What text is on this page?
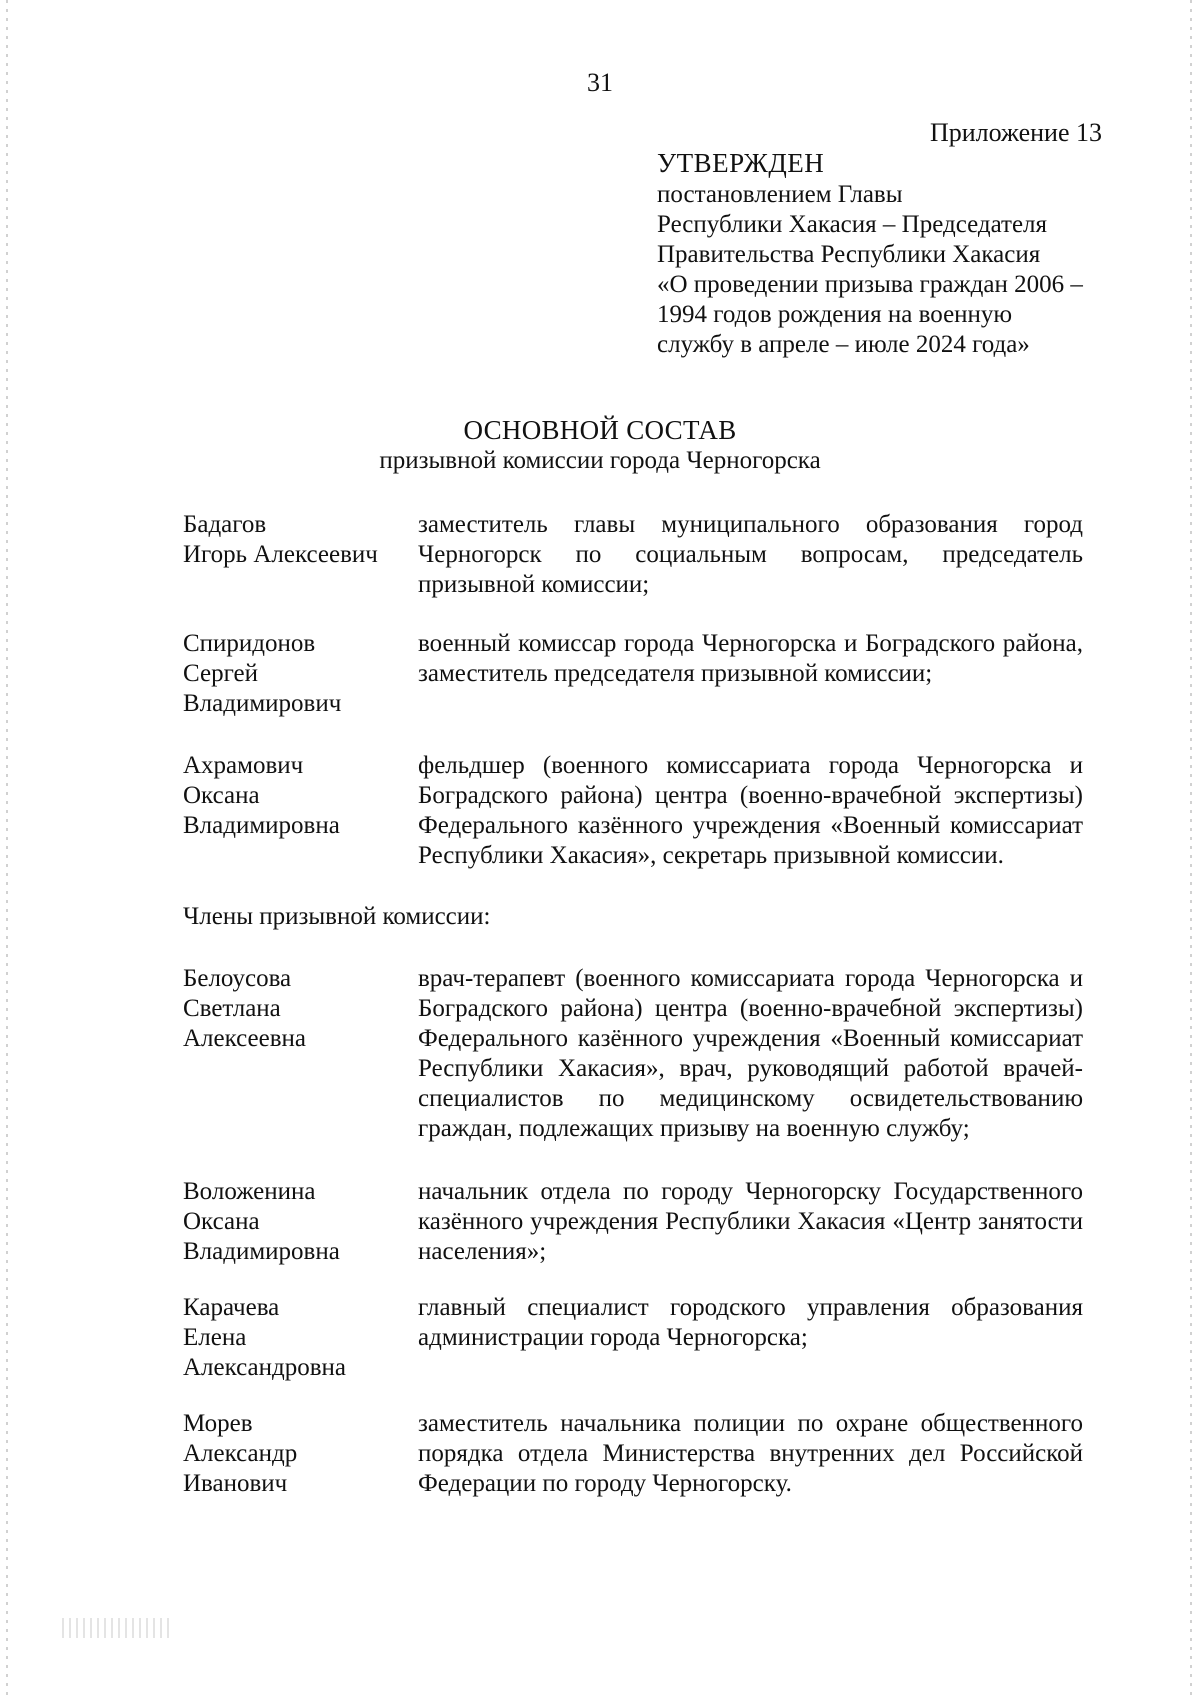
31
Приложение 13
УТВЕРЖДЕН
постановлением Главы
Республики Хакасия – Председателя
Правительства Республики Хакасия
«О проведении призыва граждан 2006 –
1994 годов рождения на военную
службу в апреле – июле 2024 года»
ОСНОВНОЙ СОСТАВ
призывной комиссии города Черногорска
Бадагов
Игорь Алексеевич
заместитель главы муниципального образования город Черногорск по социальным вопросам, председатель призывной комиссии;
Спиридонов
Сергей
Владимирович
военный комиссар города Черногорска и Боградского района, заместитель председателя призывной комиссии;
Ахрамович
Оксана
Владимировна
фельдшер (военного комиссариата города Черногорска и Боградского района) центра (военно-врачебной экспертизы) Федерального казённого учреждения «Военный комиссариат Республики Хакасия», секретарь призывной комиссии.
Члены призывной комиссии:
Белоусова
Светлана
Алексеевна
врач-терапевт (военного комиссариата города Черногорска и Боградского района) центра (военно-врачебной экспертизы) Федерального казённого учреждения «Военный комиссариат Республики Хакасия», врач, руководящий работой врачей-специалистов по медицинскому освидетельствованию граждан, подлежащих призыву на военную службу;
Воложенина
Оксана
Владимировна
начальник отдела по городу Черногорску Государственного казённого учреждения Республики Хакасия «Центр занятости населения»;
Карачева
Елена
Александровна
главный специалист городского управления образования администрации города Черногорска;
Морев
Александр
Иванович
заместитель начальника полиции по охране общественного порядка отдела Министерства внутренних дел Российской Федерации по городу Черногорску.
